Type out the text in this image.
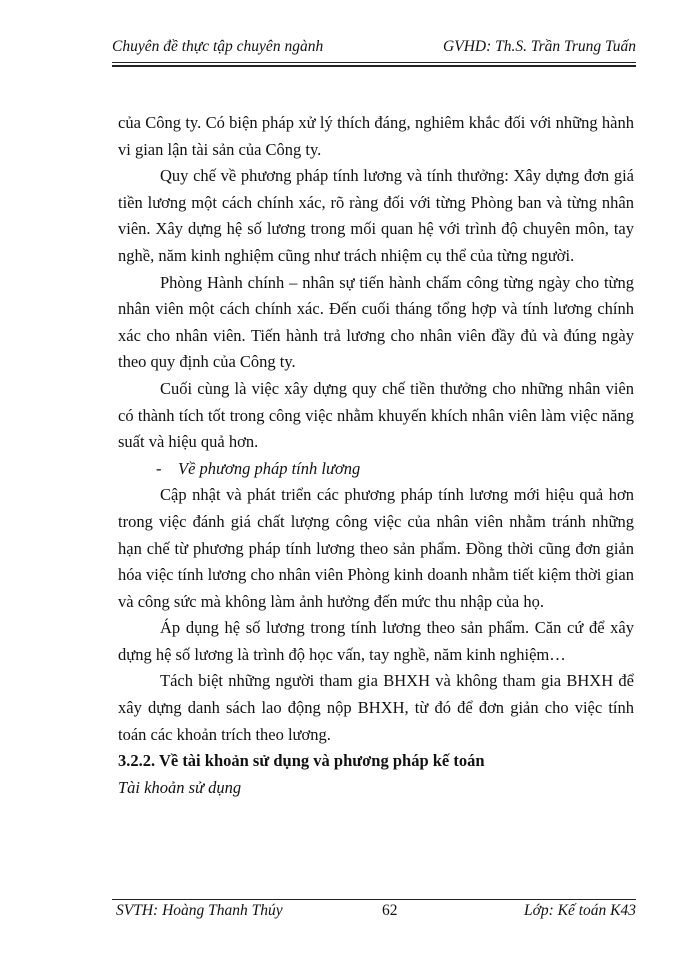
Chuyên đề thực tập chuyên ngành	GVHD: Th.S. Trần Trung Tuấn

của Công ty. Có biện pháp xử lý thích đáng, nghiêm khắc đối với những hành vi gian lận tài sản của Công ty.

Quy chế về phương pháp tính lương và tính thưởng: Xây dựng đơn giá tiền lương một cách chính xác, rõ ràng đối với từng Phòng ban và từng nhân viên. Xây dựng hệ số lương trong mối quan hệ với trình độ chuyên môn, tay nghề, năm kinh nghiệm cũng như trách nhiệm cụ thể của từng người.

Phòng Hành chính – nhân sự tiến hành chấm công từng ngày cho từng nhân viên một cách chính xác. Đến cuối tháng tổng hợp và tính lương chính xác cho nhân viên. Tiến hành trả lương cho nhân viên đầy đủ và đúng ngày theo quy định của Công ty.

Cuối cùng là việc xây dựng quy chế tiền thưởng cho những nhân viên có thành tích tốt trong công việc nhằm khuyến khích nhân viên làm việc năng suất và hiệu quả hơn.

- Về phương pháp tính lương

Cập nhật và phát triển các phương pháp tính lương mới hiệu quả hơn trong việc đánh giá chất lượng công việc của nhân viên nhằm tránh những hạn chế từ phương pháp tính lương theo sản phẩm. Đồng thời cũng đơn giản hóa việc tính lương cho nhân viên Phòng kinh doanh nhằm tiết kiệm thời gian và công sức mà không làm ảnh hưởng đến mức thu nhập của họ.

Áp dụng hệ số lương trong tính lương theo sản phẩm. Căn cứ để xây dựng hệ số lương là trình độ học vấn, tay nghề, năm kinh nghiệm…

Tách biệt những người tham gia BHXH và không tham gia BHXH để xây dựng danh sách lao động nộp BHXH, từ đó để đơn giản cho việc tính toán các khoản trích theo lương.

3.2.2. Về tài khoản sử dụng và phương pháp kế toán

Tài khoản sử dụng

SVTH: Hoàng Thanh Thúy	62	Lớp: Kế toán K43
